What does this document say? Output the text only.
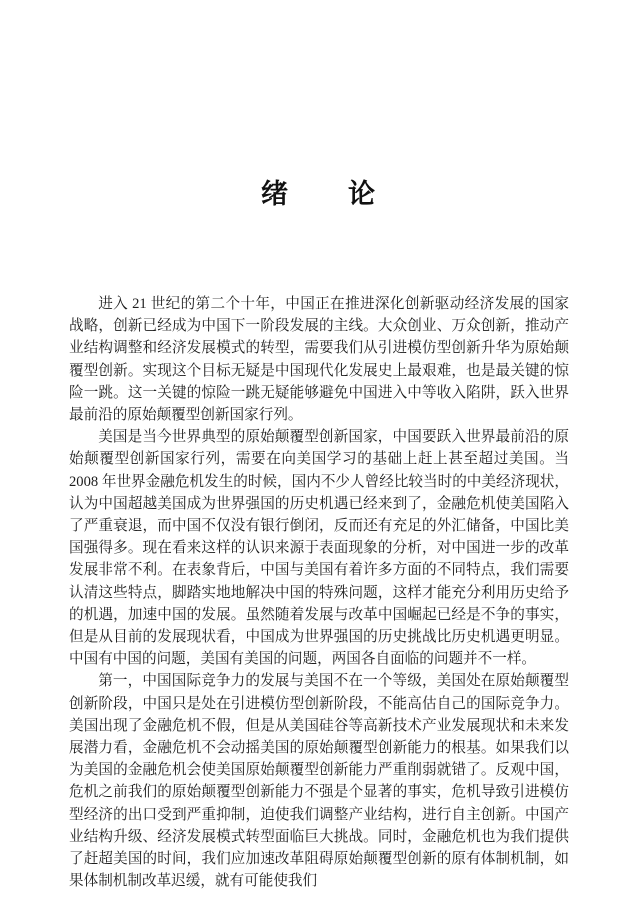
绪　　论

进入 21 世纪的第二个十年，中国正在推进深化创新驱动经济发展的国家战略，创新已经成为中国下一阶段发展的主线。大众创业、万众创新，推动产业结构调整和经济发展模式的转型，需要我们从引进模仿型创新升华为原始颠覆型创新。实现这个目标无疑是中国现代化发展史上最艰难，也是最关键的惊险一跳。这一关键的惊险一跳无疑能够避免中国进入中等收入陷阱，跃入世界最前沿的原始颠覆型创新国家行列。

美国是当今世界典型的原始颠覆型创新国家，中国要跃入世界最前沿的原始颠覆型创新国家行列，需要在向美国学习的基础上赶上甚至超过美国。当 2008 年世界金融危机发生的时候，国内不少人曾经比较当时的中美经济现状，认为中国超越美国成为世界强国的历史机遇已经来到了，金融危机使美国陷入了严重衰退，而中国不仅没有银行倒闭，反而还有充足的外汇储备，中国比美国强得多。现在看来这样的认识来源于表面现象的分析，对中国进一步的改革发展非常不利。在表象背后，中国与美国有着许多方面的不同特点，我们需要认清这些特点，脚踏实地地解决中国的特殊问题，这样才能充分利用历史给予的机遇，加速中国的发展。虽然随着发展与改革中国崛起已经是不争的事实，但是从目前的发展现状看，中国成为世界强国的历史挑战比历史机遇更明显。中国有中国的问题，美国有美国的问题，两国各自面临的问题并不一样。

第一，中国国际竞争力的发展与美国不在一个等级，美国处在原始颠覆型创新阶段，中国只是处在引进模仿型创新阶段，不能高估自己的国际竞争力。美国出现了金融危机不假，但是从美国硅谷等高新技术产业发展现状和未来发展潜力看，金融危机不会动摇美国的原始颠覆型创新能力的根基。如果我们以为美国的金融危机会使美国原始颠覆型创新能力严重削弱就错了。反观中国，危机之前我们的原始颠覆型创新能力不强是个显著的事实，危机导致引进模仿型经济的出口受到严重抑制，迫使我们调整产业结构，进行自主创新。中国产业结构升级、经济发展模式转型面临巨大挑战。同时，金融危机也为我们提供了赶超美国的时间，我们应加速改革阻碍原始颠覆型创新的原有体制机制，如果体制机制改革迟缓，就有可能使我们
